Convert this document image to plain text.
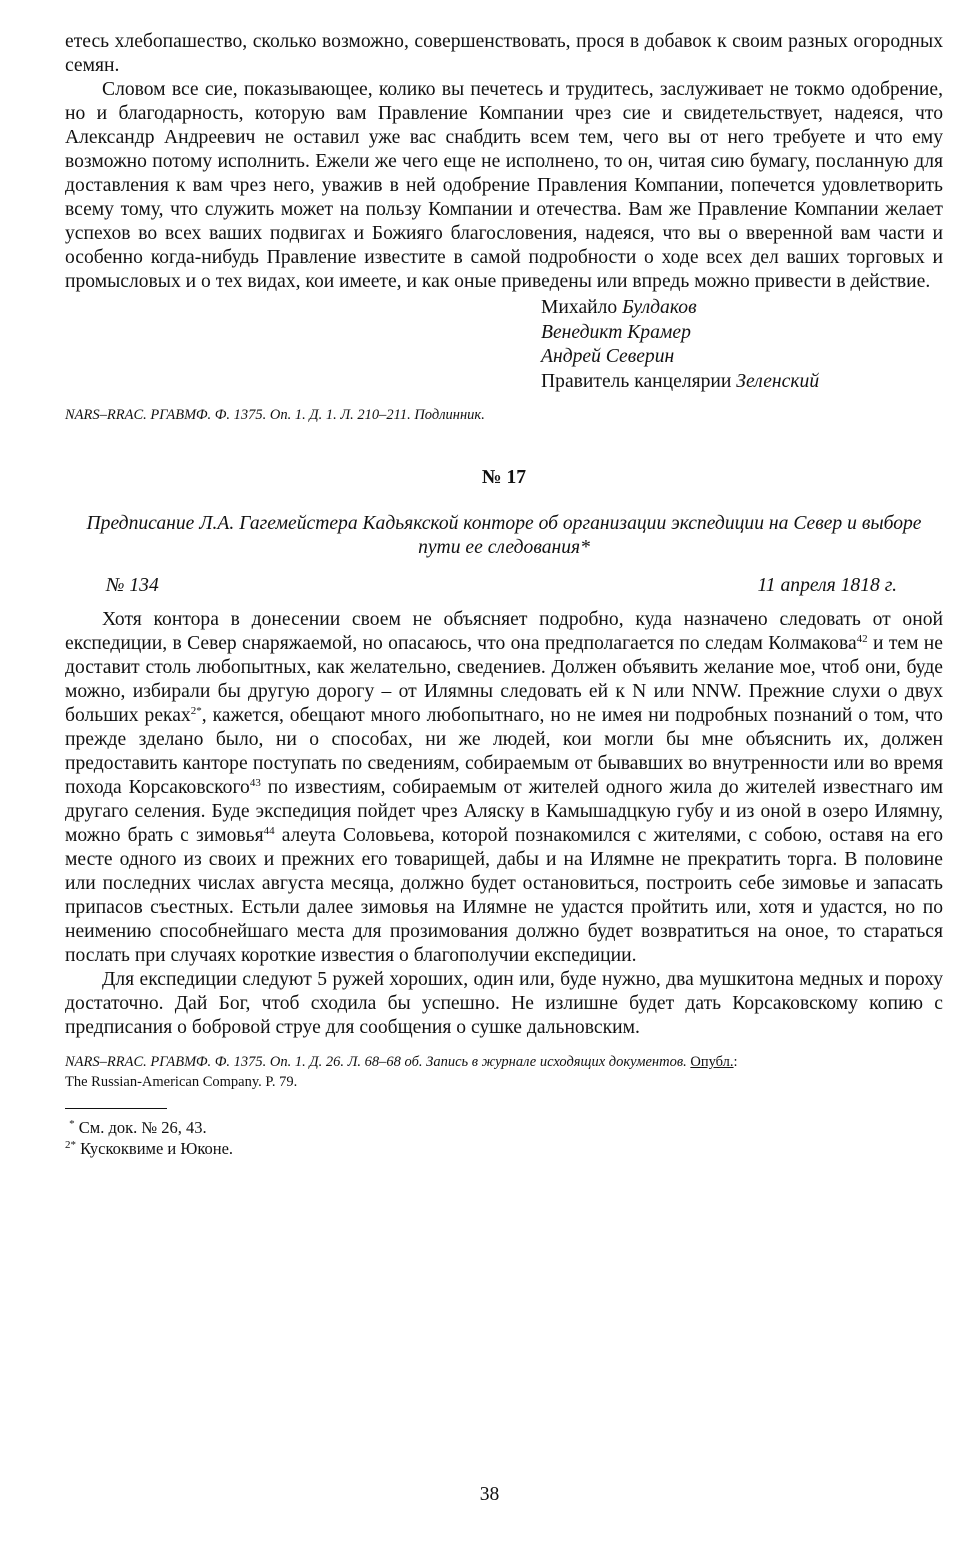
етесь хлебопашество, сколько возможно, совершенствовать, прося в добавок к своим разных огородных семян.

Словом все сие, показывающее, колико вы печетесь и трудитесь, заслуживает не токмо одобрение, но и благодарность, которую вам Правление Компании чрез сие и свидетельствует, надеяся, что Александр Андреевич не оставил уже вас снабдить всем тем, чего вы от него требуете и что ему возможно потому исполнить. Ежели же чего еще не исполнено, то он, читая сию бумагу, посланную для доставления к вам чрез него, уважив в ней одобрение Правления Компании, попечется удовлетворить всему тому, что служить может на пользу Компании и отечества. Вам же Правление Компании желает успехов во всех ваших подвигах и Божияго благословения, надеяся, что вы о вверенной вам части и особенно когда-нибудь Правление известите в самой подробности о ходе всех дел ваших торговых и промысловых и о тех видах, кои имеете, и как оные приведены или впредь можно привести в действие.

Михайло Булдаков
Венедикт Крамер
Андрей Северин
Правитель канцелярии Зеленский

NARS–RRAC. РГАВМФ. Ф. 1375. Оп. 1. Д. 1. Л. 210–211. Подлинник.

№ 17

Предписание Л.А. Гагемейстера Кадьякской конторе об организации экспедиции на Север и выборе пути ее следования*

№ 134	11 апреля 1818 г.

Хотя контора в донесении своем не объясняет подробно, куда назначено следовать от оной експедиции, в Север снаряжаемой, но опасаюсь, что она предполагается по следам Колмакова$^{42}$ и тем не доставит столь любопытных, как желательно, сведениев. Должен объявить желание мое, чтоб они, буде можно, избирали бы другую дорогу – от Илямны следовать ей к N или NNW. Прежние слухи о двух больших реках$^{2*}$, кажется, обещают много любопытнаго, но не имея ни подробных познаний о том, что прежде зделано было, ни о способах, ни же людей, кои могли бы мне объяснить их, должен предоставить канторе поступать по сведениям, собираемым от бывавших во внутренности или во время похода Корсаковского$^{43}$ по известиям, собираемым от жителей одного жила до жителей известнаго им другаго селения. Буде экспедиция пойдет чрез Аляску в Камышадцкую губу и из оной в озеро Илямну, можно брать с зимовья$^{44}$ алеута Соловьева, которой познакомился с жителями, с собою, оставя на его месте одного из своих и прежних его товарищей, дабы и на Илямне не прекратить торга. В половине или последних числах августа месяца, должно будет остановиться, построить себе зимовье и запасать припасов съестных. Естьли далее зимовья на Илямне не удастся пройтить или, хотя и удастся, но по неимению способнейшаго места для прозимования должно будет возвратиться на оное, то стараться послать при случаях короткие известия о благополучии експедиции.

Для експедиции следуют 5 ружей хороших, один или, буде нужно, два мушкитона медных и пороху достаточно. Дай Бог, чтоб сходила бы успешно. Не излишне будет дать Корсаковскому копию с предписания о бобровой струе для сообщения о сушке дальновским.

NARS–RRAC. РГАВМФ. Ф. 1375. Оп. 1. Д. 26. Л. 68–68 об. Запись в журнале исходящих документов. Опубл.:
The Russian-American Company. P. 79.

* См. док. № 26, 43.
$^{2*}$ Кускоквиме и Юконе.
38
